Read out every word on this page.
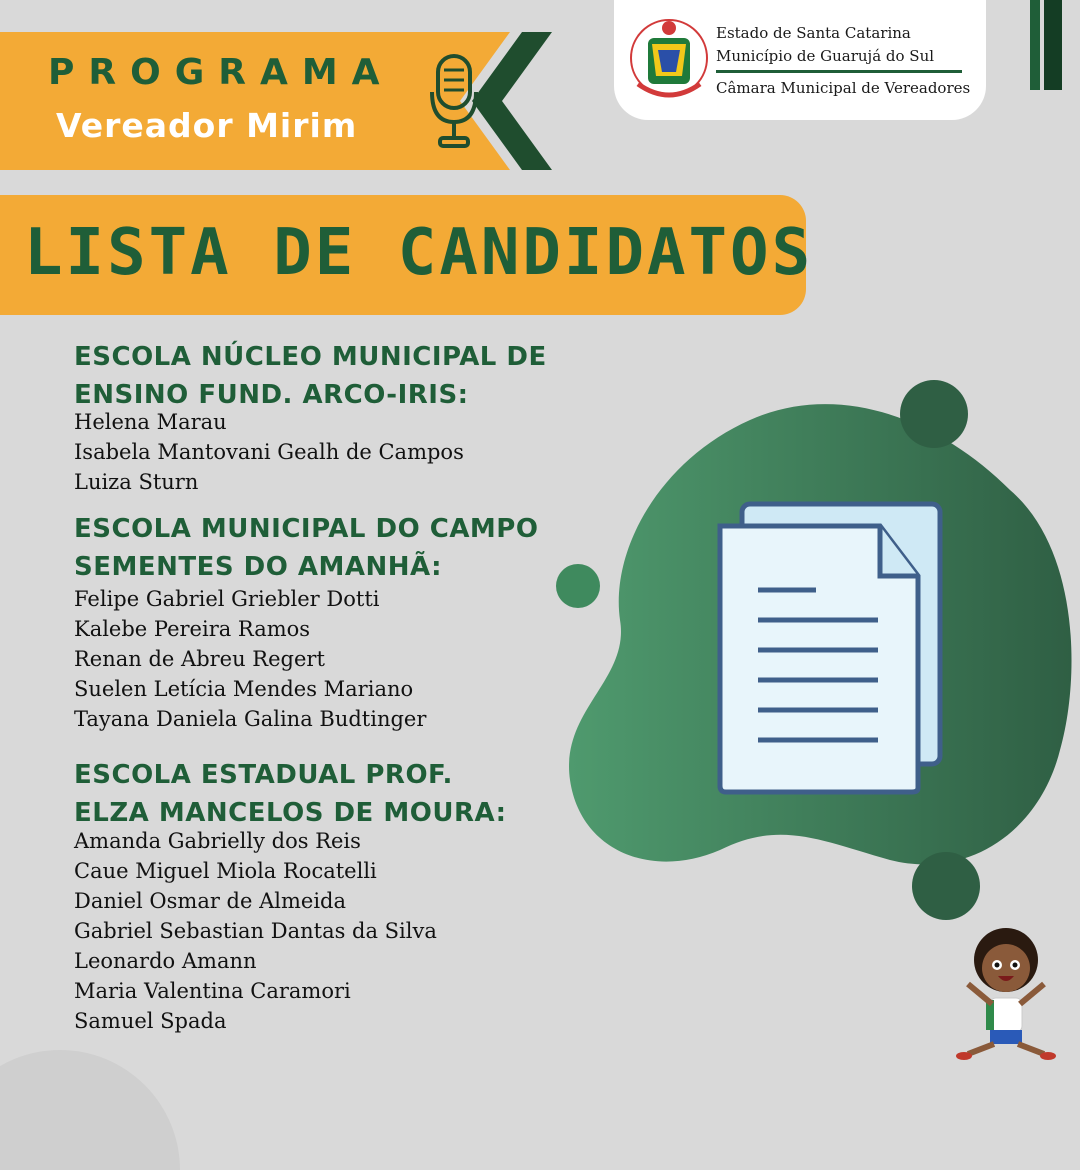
PROGRAMA
Vereador Mirim
Estado de Santa Catarina
Município de Guarujá do Sul
Câmara Municipal de Vereadores
LISTA DE CANDIDATOS
ESCOLA NÚCLEO MUNICIPAL DE
ENSINO FUND. ARCO-IRIS:
Helena Marau
Isabela Mantovani Gealh de Campos
Luiza Sturn
ESCOLA MUNICIPAL DO CAMPO
SEMENTES DO AMANHÃ:
Felipe Gabriel Griebler Dotti
Kalebe Pereira Ramos
Renan de Abreu Regert
Suelen Letícia Mendes Mariano
Tayana Daniela Galina Budtinger
ESCOLA ESTADUAL PROF.
ELZA MANCELOS DE MOURA:
Amanda Gabrielly dos Reis
Caue Miguel Miola Rocatelli
Daniel Osmar de Almeida
Gabriel Sebastian Dantas da Silva
Leonardo Amann
Maria Valentina Caramori
Samuel Spada
